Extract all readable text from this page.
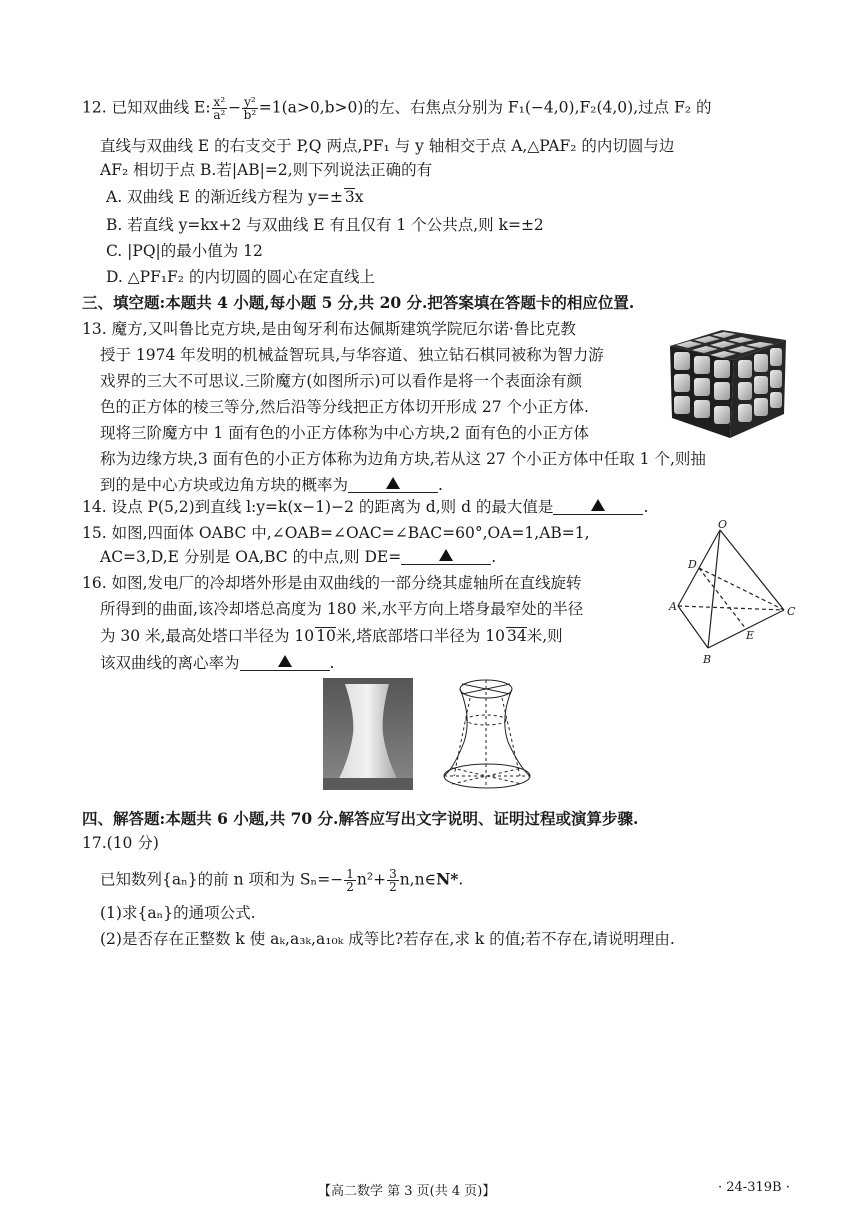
12. 已知双曲线 E: $\frac{\text{x²}}{\text{a²}} - \frac{\text{y²}}{\text{b²}} =1(a>0,b>0)$的左、右焦点分别为 F₁(−4,0),F₂(4,0),过点 F₂ 的
直线与双曲线 E 的右支交于 P,Q 两点,PF₁ 与 y 轴相交于点 A,△PAF₂ 的内切圆与边
AF₂ 相切于点 B.若|AB|=2,则下列说法正确的有
A. 双曲线 E 的渐近线方程为 y=± 3x
B. 若直线 y=kx+2 与双曲线 E 有且仅有 1 个公共点,则 k=±2
C. |PQ|的最小值为 12
D. △PF₁F₂ 的内切圆的圆心在定直线上
三、填空题:本题共 4 小题,每小题 5 分,共 20 分.把答案填在答题卡的相应位置.
13. 魔方,又叫鲁比克方块,是由匈牙利布达佩斯建筑学院厄尔诺·鲁比克教
授于 1974 年发明的机械益智玩具,与华容道、独立钻石棋同被称为智力游
戏界的三大不可思议.三阶魔方(如图所示)可以看作是将一个表面涂有颜
色的正方体的棱三等分,然后沿等分线把正方体切开形成 27 个小正方体.
现将三阶魔方中 1 面有色的小正方体称为中心方块,2 面有色的小正方体
称为边缘方块,3 面有色的小正方体称为边角方块,若从这 27 个小正方体中任取 1 个,则抽
到的是中心方块或边角方块的概率为	.
14. 设点 P(5,2)到直线 l:y=k(x−1)−2 的距离为 d,则 d 的最大值是	.
15. 如图,四面体 OABC 中,∠OAB=∠OAC=∠BAC=60°,OA=1,AB=1,
AC=3,D,E 分别是 OA,BC 的中点,则 DE=	.
16. 如图,发电厂的冷却塔外形是由双曲线的一部分绕其虚轴所在直线旋转
所得到的曲面,该冷却塔总高度为 180 米,水平方向上塔身最窄处的半径
为 30 米,最高处塔口半径为 10 10米,塔底部塔口半径为 10 34米,则
该双曲线的离心率为	.
O
D
A	C
E
B
四、解答题:本题共 6 小题,共 70 分.解答应写出文字说明、证明过程或演算步骤.
17.(10 分)
已知数列{aₙ}的前 n 项和为 $S_n=- \frac{1}{2} n^2+ \frac{3}{2}$ n,n∈N*.
(1)求{aₙ}的通项公式.
(2)是否存在正整数 k 使 aₖ,a₃ₖ,a₁₀ₖ 成等比?若存在,求 k 的值;若不存在,请说明理由.
【高二数学 第 3 页(共 4 页)】	· 24-319B ·
